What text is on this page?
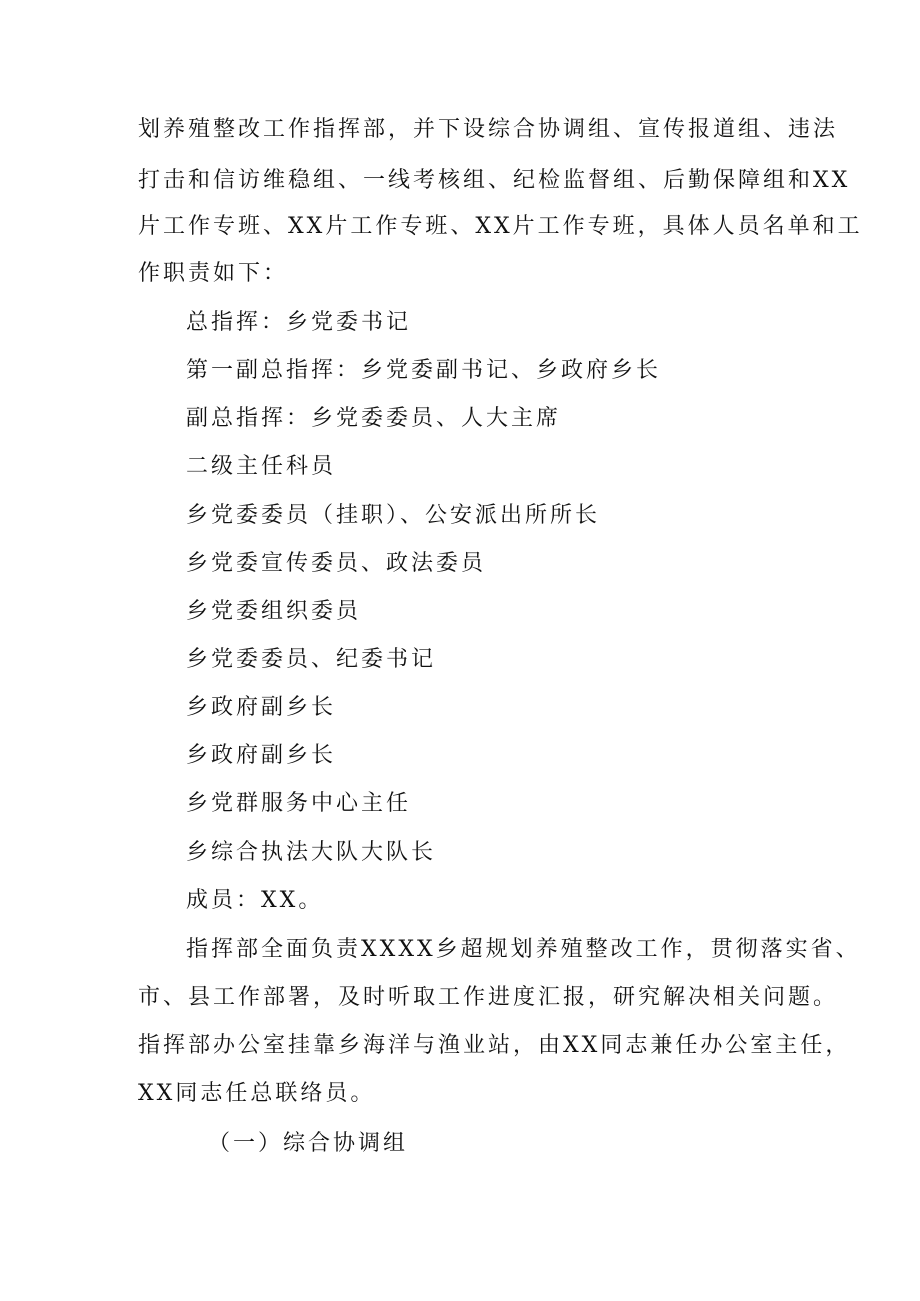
划养殖整改工作指挥部，并下设综合协调组、宣传报道组、违法
打击和信访维稳组、一线考核组、纪检监督组、后勤保障组和XX
片工作专班、XX片工作专班、XX片工作专班，具体人员名单和工
作职责如下：
总指挥：乡党委书记
第一副总指挥：乡党委副书记、乡政府乡长
副总指挥：乡党委委员、人大主席
二级主任科员
乡党委委员（挂职）、公安派出所所长
乡党委宣传委员、政法委员
乡党委组织委员
乡党委委员、纪委书记
乡政府副乡长
乡政府副乡长
乡党群服务中心主任
乡综合执法大队大队长
成员：XX。
指挥部全面负责XXXX乡超规划养殖整改工作，贯彻落实省、
市、县工作部署，及时听取工作进度汇报，研究解决相关问题。
指挥部办公室挂靠乡海洋与渔业站，由XX同志兼任办公室主任，
XX同志任总联络员。
（一）综合协调组
